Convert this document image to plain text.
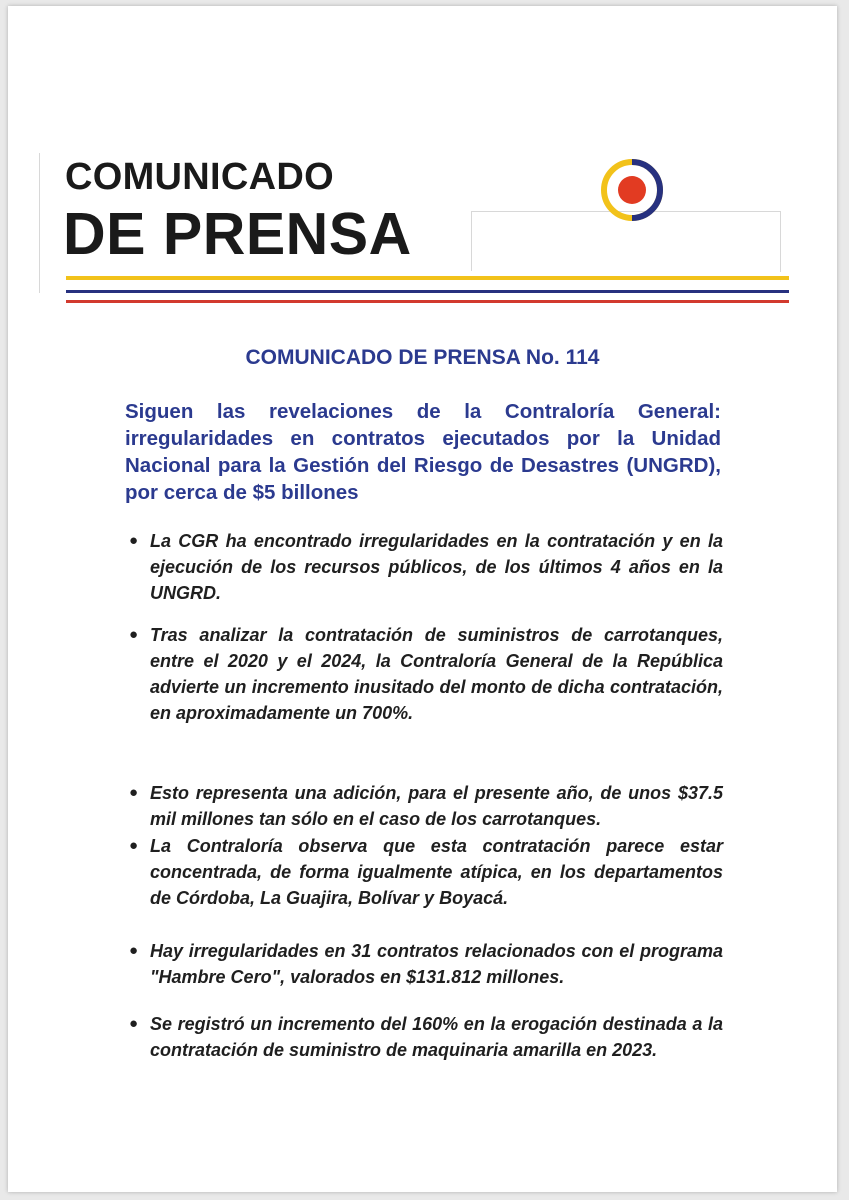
COMUNICADO
DE PRENSA
COMUNICADO DE PRENSA No. 114
Siguen las revelaciones de la Contraloría General: irregularidades en contratos ejecutados por la Unidad Nacional para la Gestión del Riesgo de Desastres (UNGRD), por cerca de $5 billones
● La CGR ha encontrado irregularidades en la contratación y en la ejecución de los recursos públicos, de los últimos 4 años en la UNGRD.
● Tras analizar la contratación de suministros de carrotanques, entre el 2020 y el 2024, la Contraloría General de la República advierte un incremento inusitado del monto de dicha contratación, en aproximadamente un 700%.
● Esto representa una adición, para el presente año, de unos $37.5 mil millones tan sólo en el caso de los carrotanques.
● La Contraloría observa que esta contratación parece estar concentrada, de forma igualmente atípica, en los departamentos de Córdoba, La Guajira, Bolívar y Boyacá.
● Hay irregularidades en 31 contratos relacionados con el programa "Hambre Cero", valorados en $131.812 millones.
● Se registró un incremento del 160% en la erogación destinada a la contratación de suministro de maquinaria amarilla en 2023.
